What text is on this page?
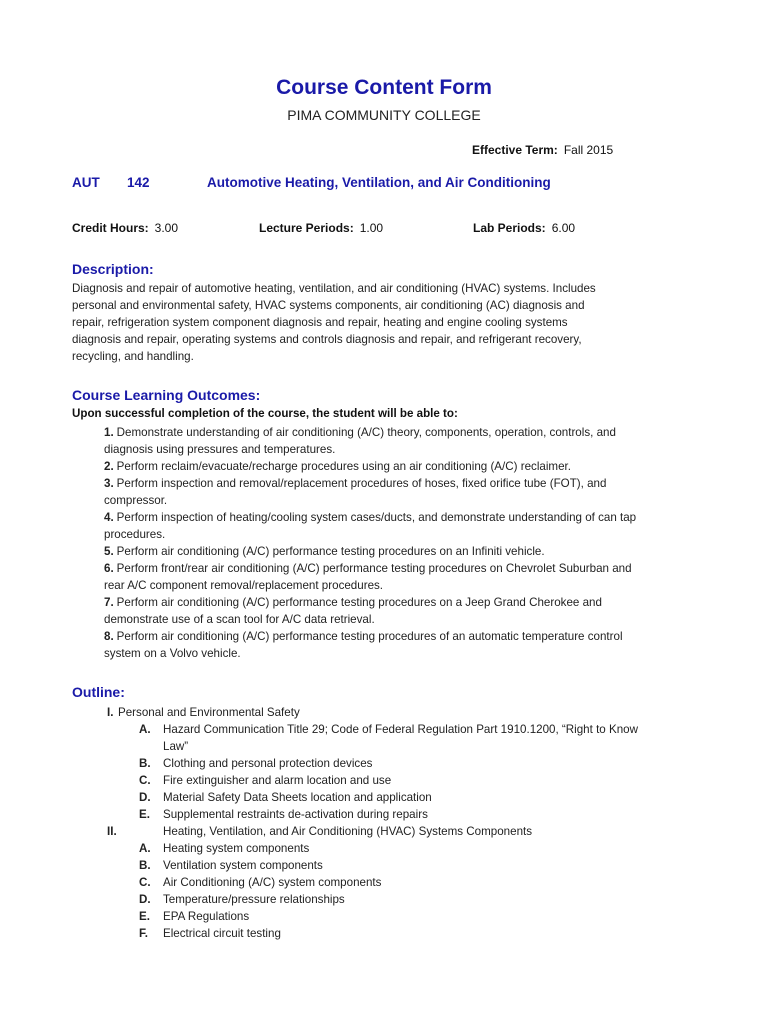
Course Content Form
PIMA COMMUNITY COLLEGE
Effective Term: Fall 2015
AUT 142	Automotive Heating, Ventilation, and Air Conditioning
Credit Hours: 3.00	Lecture Periods: 1.00	Lab Periods: 6.00
Description:
Diagnosis and repair of automotive heating, ventilation, and air conditioning (HVAC) systems. Includes
personal and environmental safety, HVAC systems components, air conditioning (AC) diagnosis and
repair, refrigeration system component diagnosis and repair, heating and engine cooling systems
diagnosis and repair, operating systems and controls diagnosis and repair, and refrigerant recovery,
recycling, and handling.
Course Learning Outcomes:
Upon successful completion of the course, the student will be able to:
1. Demonstrate understanding of air conditioning (A/C) theory, components, operation, controls, and
diagnosis using pressures and temperatures.
2. Perform reclaim/evacuate/recharge procedures using an air conditioning (A/C) reclaimer.
3. Perform inspection and removal/replacement procedures of hoses, fixed orifice tube (FOT), and
compressor.
4. Perform inspection of heating/cooling system cases/ducts, and demonstrate understanding of can tap
procedures.
5. Perform air conditioning (A/C) performance testing procedures on an Infiniti vehicle.
6. Perform front/rear air conditioning (A/C) performance testing procedures on Chevrolet Suburban and
rear A/C component removal/replacement procedures.
7. Perform air conditioning (A/C) performance testing procedures on a Jeep Grand Cherokee and
demonstrate use of a scan tool for A/C data retrieval.
8. Perform air conditioning (A/C) performance testing procedures of an automatic temperature control
system on a Volvo vehicle.
Outline:
I. Personal and Environmental Safety
A. Hazard Communication Title 29; Code of Federal Regulation Part 1910.1200, “Right to Know
Law”
B. Clothing and personal protection devices
C. Fire extinguisher and alarm location and use
D. Material Safety Data Sheets location and application
E. Supplemental restraints de-activation during repairs
II.	Heating, Ventilation, and Air Conditioning (HVAC) Systems Components
A. Heating system components
B. Ventilation system components
C. Air Conditioning (A/C) system components
D. Temperature/pressure relationships
E. EPA Regulations
F. Electrical circuit testing
